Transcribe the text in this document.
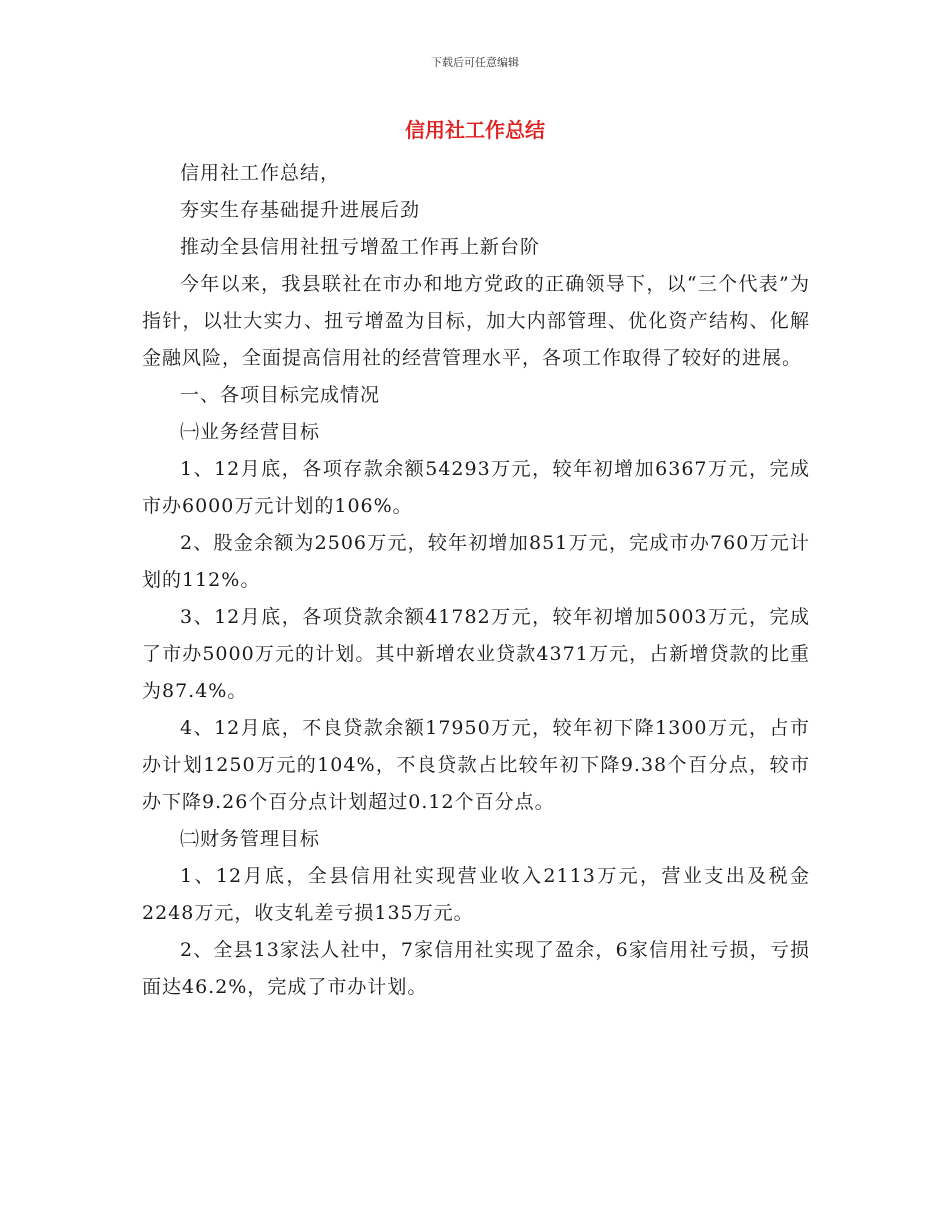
下载后可任意编辑
信用社工作总结

信用社工作总结，

夯实生存基础提升进展后劲

推动全县信用社扭亏增盈工作再上新台阶

今年以来，我县联社在市办和地方党政的正确领导下，以“三个代表”为指针，以壮大实力、扭亏增盈为目标，加大内部管理、优化资产结构、化解金融风险，全面提高信用社的经营管理水平，各项工作取得了较好的进展。

一、各项目标完成情况

㈠业务经营目标

1、12月底，各项存款余额54293万元，较年初增加6367万元，完成市办6000万元计划的106%。

2、股金余额为2506万元，较年初增加851万元，完成市办760万元计划的112%。

3、12月底，各项贷款余额41782万元，较年初增加5003万元，完成了市办5000万元的计划。其中新增农业贷款4371万元，占新增贷款的比重为87.4%。

4、12月底，不良贷款余额17950万元，较年初下降1300万元，占市办计划1250万元的104%，不良贷款占比较年初下降9.38个百分点，较市办下降9.26个百分点计划超过0.12个百分点。

㈡财务管理目标

1、12月底，全县信用社实现营业收入2113万元，营业支出及税金2248万元，收支轧差亏损135万元。

2、全县13家法人社中，7家信用社实现了盈余，6家信用社亏损，亏损面达46.2%，完成了市办计划。
